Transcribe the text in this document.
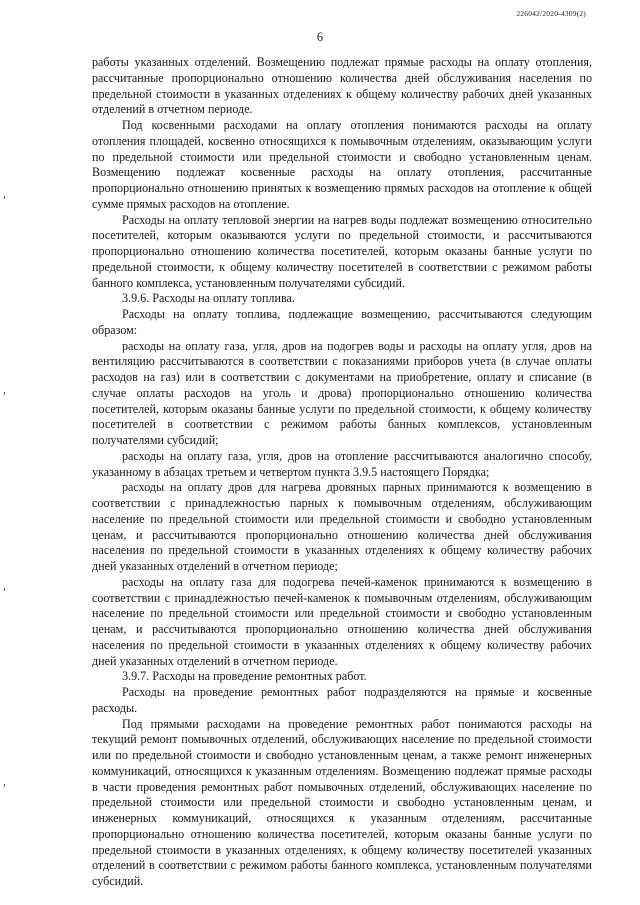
226042/2020-4309(2)
6

работы указанных отделений. Возмещению подлежат прямые расходы на оплату отопления, рассчитанные пропорционально отношению количества дней обслуживания населения по предельной стоимости в указанных отделениях к общему количеству рабочих дней указанных отделений в отчетном периоде.

Под косвенными расходами на оплату отопления понимаются расходы на оплату отопления площадей, косвенно относящихся к помывочным отделениям, оказывающим услуги по предельной стоимости или предельной стоимости и свободно установленным ценам. Возмещению подлежат косвенные расходы на оплату отопления, рассчитанные пропорционально отношению принятых к возмещению прямых расходов на отопление к общей сумме прямых расходов на отопление.

Расходы на оплату тепловой энергии на нагрев воды подлежат возмещению относительно посетителей, которым оказываются услуги по предельной стоимости, и рассчитываются пропорционально отношению количества посетителей, которым оказаны банные услуги по предельной стоимости, к общему количеству посетителей в соответствии с режимом работы банного комплекса, установленным получателями субсидий.

3.9.6. Расходы на оплату топлива.

Расходы на оплату топлива, подлежащие возмещению, рассчитываются следующим образом:

расходы на оплату газа, угля, дров на подогрев воды и расходы на оплату угля, дров на вентиляцию рассчитываются в соответствии с показаниями приборов учета (в случае оплаты расходов на газ) или в соответствии с документами на приобретение, оплату и списание (в случае оплаты расходов на уголь и дрова) пропорционально отношению количества посетителей, которым оказаны банные услуги по предельной стоимости, к общему количеству посетителей в соответствии с режимом работы банных комплексов, установленным получателями субсидий;

расходы на оплату газа, угля, дров на отопление рассчитываются аналогично способу, указанному в абзацах третьем и четвертом пункта 3.9.5 настоящего Порядка;

расходы на оплату дров для нагрева дровяных парных принимаются к возмещению в соответствии с принадлежностью парных к помывочным отделениям, обслуживающим население по предельной стоимости или предельной стоимости и свободно установленным ценам, и рассчитываются пропорционально отношению количества дней обслуживания населения по предельной стоимости в указанных отделениях к общему количеству рабочих дней указанных отделений в отчетном периоде;

расходы на оплату газа для подогрева печей-каменок принимаются к возмещению в соответствии с принадлежностью печей-каменок к помывочным отделениям, обслуживающим население по предельной стоимости или предельной стоимости и свободно установленным ценам, и рассчитываются пропорционально отношению количества дней обслуживания населения по предельной стоимости в указанных отделениях к общему количеству рабочих дней указанных отделений в отчетном периоде.

3.9.7. Расходы на проведение ремонтных работ.

Расходы на проведение ремонтных работ подразделяются на прямые и косвенные расходы.

Под прямыми расходами на проведение ремонтных работ понимаются расходы на текущий ремонт помывочных отделений, обслуживающих население по предельной стоимости или по предельной стоимости и свободно установленным ценам, а также ремонт инженерных коммуникаций, относящихся к указанным отделениям. Возмещению подлежат прямые расходы в части проведения ремонтных работ помывочных отделений, обслуживающих население по предельной стоимости или предельной стоимости и свободно установленным ценам, и инженерных коммуникаций, относящихся к указанным отделениям, рассчитанные пропорционально отношению количества посетителей, которым оказаны банные услуги по предельной стоимости в указанных отделениях, к общему количеству посетителей указанных отделений в соответствии с режимом работы банного комплекса, установленным получателями субсидий.
